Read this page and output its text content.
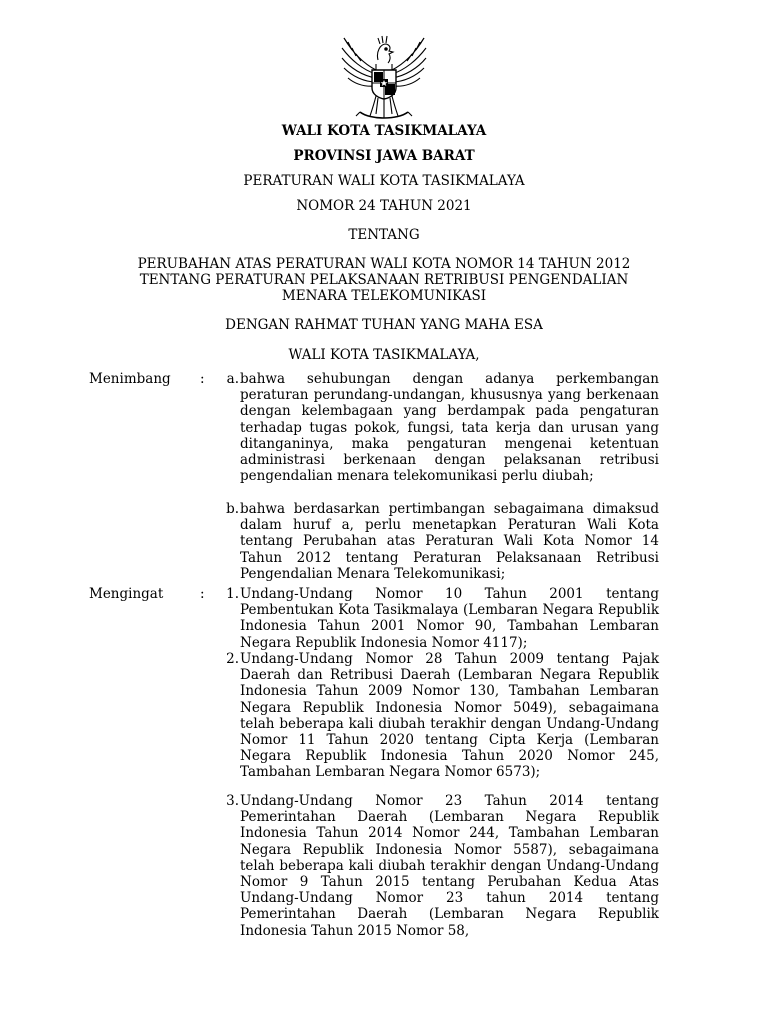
WALI KOTA TASIKMALAYA
PROVINSI JAWA BARAT
PERATURAN WALI KOTA TASIKMALAYA
NOMOR 24 TAHUN 2021
TENTANG
PERUBAHAN ATAS PERATURAN WALI KOTA NOMOR 14 TAHUN 2012
TENTANG PERATURAN PELAKSANAAN RETRIBUSI PENGENDALIAN
MENARA TELEKOMUNIKASI
DENGAN RAHMAT TUHAN YANG MAHA ESA
WALI KOTA TASIKMALAYA,
Menimbang	:	a. bahwa sehubungan dengan adanya perkembangan peraturan perundang-undangan, khususnya yang berkenaan dengan kelembagaan yang berdampak pada pengaturan terhadap tugas pokok, fungsi, tata kerja dan urusan yang ditanganinya, maka pengaturan mengenai ketentuan administrasi berkenaan dengan pelaksanan retribusi pengendalian menara telekomunikasi perlu diubah;
b. bahwa berdasarkan pertimbangan sebagaimana dimaksud dalam huruf a, perlu menetapkan Peraturan Wali Kota tentang Perubahan atas Peraturan Wali Kota Nomor 14 Tahun 2012 tentang Peraturan Pelaksanaan Retribusi Pengendalian Menara Telekomunikasi;
Mengingat	:	1. Undang-Undang Nomor 10 Tahun 2001 tentang Pembentukan Kota Tasikmalaya (Lembaran Negara Republik Indonesia Tahun 2001 Nomor 90, Tambahan Lembaran Negara Republik Indonesia Nomor 4117);
2. Undang-Undang Nomor 28 Tahun 2009 tentang Pajak Daerah dan Retribusi Daerah (Lembaran Negara Republik Indonesia Tahun 2009 Nomor 130, Tambahan Lembaran Negara Republik Indonesia Nomor 5049), sebagaimana telah beberapa kali diubah terakhir dengan Undang-Undang Nomor 11 Tahun 2020 tentang Cipta Kerja (Lembaran Negara Republik Indonesia Tahun 2020 Nomor 245, Tambahan Lembaran Negara Nomor 6573);
3. Undang-Undang Nomor 23 Tahun 2014 tentang Pemerintahan Daerah (Lembaran Negara Republik Indonesia Tahun 2014 Nomor 244, Tambahan Lembaran Negara Republik Indonesia Nomor 5587), sebagaimana telah beberapa kali diubah terakhir dengan Undang-Undang Nomor 9 Tahun 2015 tentang Perubahan Kedua Atas Undang-Undang Nomor 23 tahun 2014 tentang Pemerintahan Daerah (Lembaran Negara Republik Indonesia Tahun 2015 Nomor 58,
